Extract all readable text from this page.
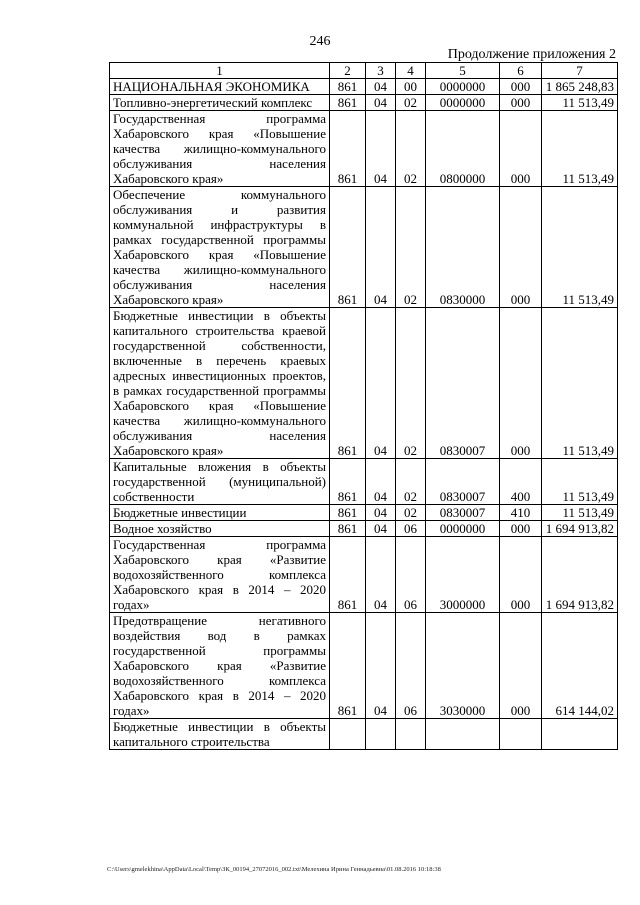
246
Продолжение приложения 2
1	2	3	4	5	6	7
НАЦИОНАЛЬНАЯ ЭКОНОМИКА	861	04	00	0000000	000	1 865 248,83
Топливно-энергетический комплекс	861	04	02	0000000	000	11 513,49
Государственная программа Хабаровского края «Повышение качества жилищно-коммунального обслуживания населения Хабаровского края»	861	04	02	0800000	000	11 513,49
Обеспечение коммунального обслуживания и развития коммунальной инфраструктуры в рамках государственной программы Хабаровского края «Повышение качества жилищно-коммунального обслуживания населения Хабаровского края»	861	04	02	0830000	000	11 513,49
Бюджетные инвестиции в объекты капитального строительства краевой государственной собственности, включенные в перечень краевых адресных инвестиционных проектов, в рамках государственной программы Хабаровского края «Повышение качества жилищно-коммунального обслуживания населения Хабаровского края»	861	04	02	0830007	000	11 513,49
Капитальные вложения в объекты государственной (муниципальной) собственности	861	04	02	0830007	400	11 513,49
Бюджетные инвестиции	861	04	02	0830007	410	11 513,49
Водное хозяйство	861	04	06	0000000	000	1 694 913,82
Государственная программа Хабаровского края «Развитие водохозяйственного комплекса Хабаровского края в 2014 – 2020 годах»	861	04	06	3000000	000	1 694 913,82
Предотвращение негативного воздействия вод в рамках государственной программы Хабаровского края «Развитие водохозяйственного комплекса Хабаровского края в 2014 – 2020 годах»	861	04	06	3030000	000	614 144,02
Бюджетные инвестиции в объекты капитального строительства						
C:\Users\gmelekhina\AppData\Local\Temp\ЗК_00194_27072016_002.txt\Мелехина Ирина Геннадьевна\01.08.2016 10:18:38
